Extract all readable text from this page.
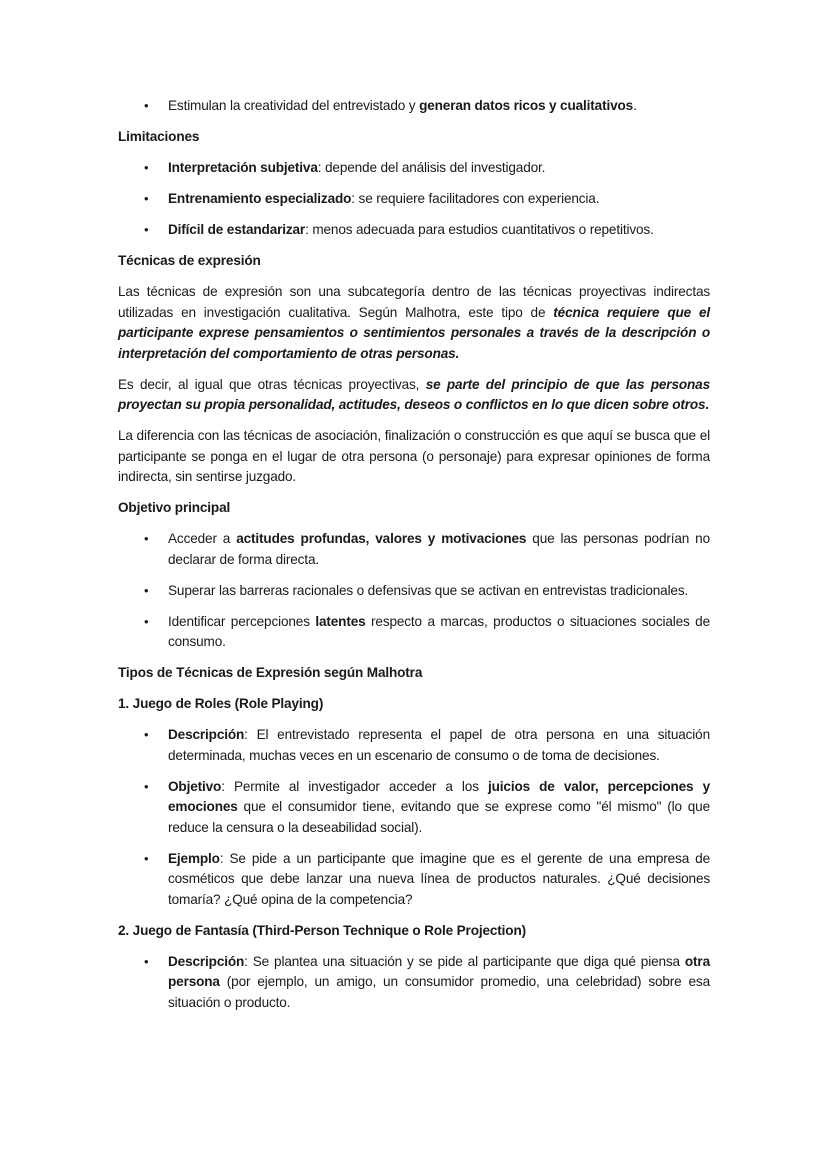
• Estimulan la creatividad del entrevistado y generan datos ricos y cualitativos.
Limitaciones
• Interpretación subjetiva: depende del análisis del investigador.
• Entrenamiento especializado: se requiere facilitadores con experiencia.
• Difícil de estandarizar: menos adecuada para estudios cuantitativos o repetitivos.
Técnicas de expresión

Las técnicas de expresión son una subcategoría dentro de las técnicas proyectivas indirectas utilizadas en investigación cualitativa. Según Malhotra, este tipo de técnica requiere que el participante exprese pensamientos o sentimientos personales a través de la descripción o interpretación del comportamiento de otras personas.

Es decir, al igual que otras técnicas proyectivas, se parte del principio de que las personas proyectan su propia personalidad, actitudes, deseos o conflictos en lo que dicen sobre otros.

La diferencia con las técnicas de asociación, finalización o construcción es que aquí se busca que el participante se ponga en el lugar de otra persona (o personaje) para expresar opiniones de forma indirecta, sin sentirse juzgado.

Objetivo principal
• Acceder a actitudes profundas, valores y motivaciones que las personas podrían no declarar de forma directa.
• Superar las barreras racionales o defensivas que se activan en entrevistas tradicionales.
• Identificar percepciones latentes respecto a marcas, productos o situaciones sociales de consumo.
Tipos de Técnicas de Expresión según Malhotra
1. Juego de Roles (Role Playing)
• Descripción: El entrevistado representa el papel de otra persona en una situación determinada, muchas veces en un escenario de consumo o de toma de decisiones.
• Objetivo: Permite al investigador acceder a los juicios de valor, percepciones y emociones que el consumidor tiene, evitando que se exprese como "él mismo" (lo que reduce la censura o la deseabilidad social).
• Ejemplo: Se pide a un participante que imagine que es el gerente de una empresa de cosméticos que debe lanzar una nueva línea de productos naturales. ¿Qué decisiones tomaría? ¿Qué opina de la competencia?
2. Juego de Fantasía (Third-Person Technique o Role Projection)
• Descripción: Se plantea una situación y se pide al participante que diga qué piensa otra persona (por ejemplo, un amigo, un consumidor promedio, una celebridad) sobre esa situación o producto.
